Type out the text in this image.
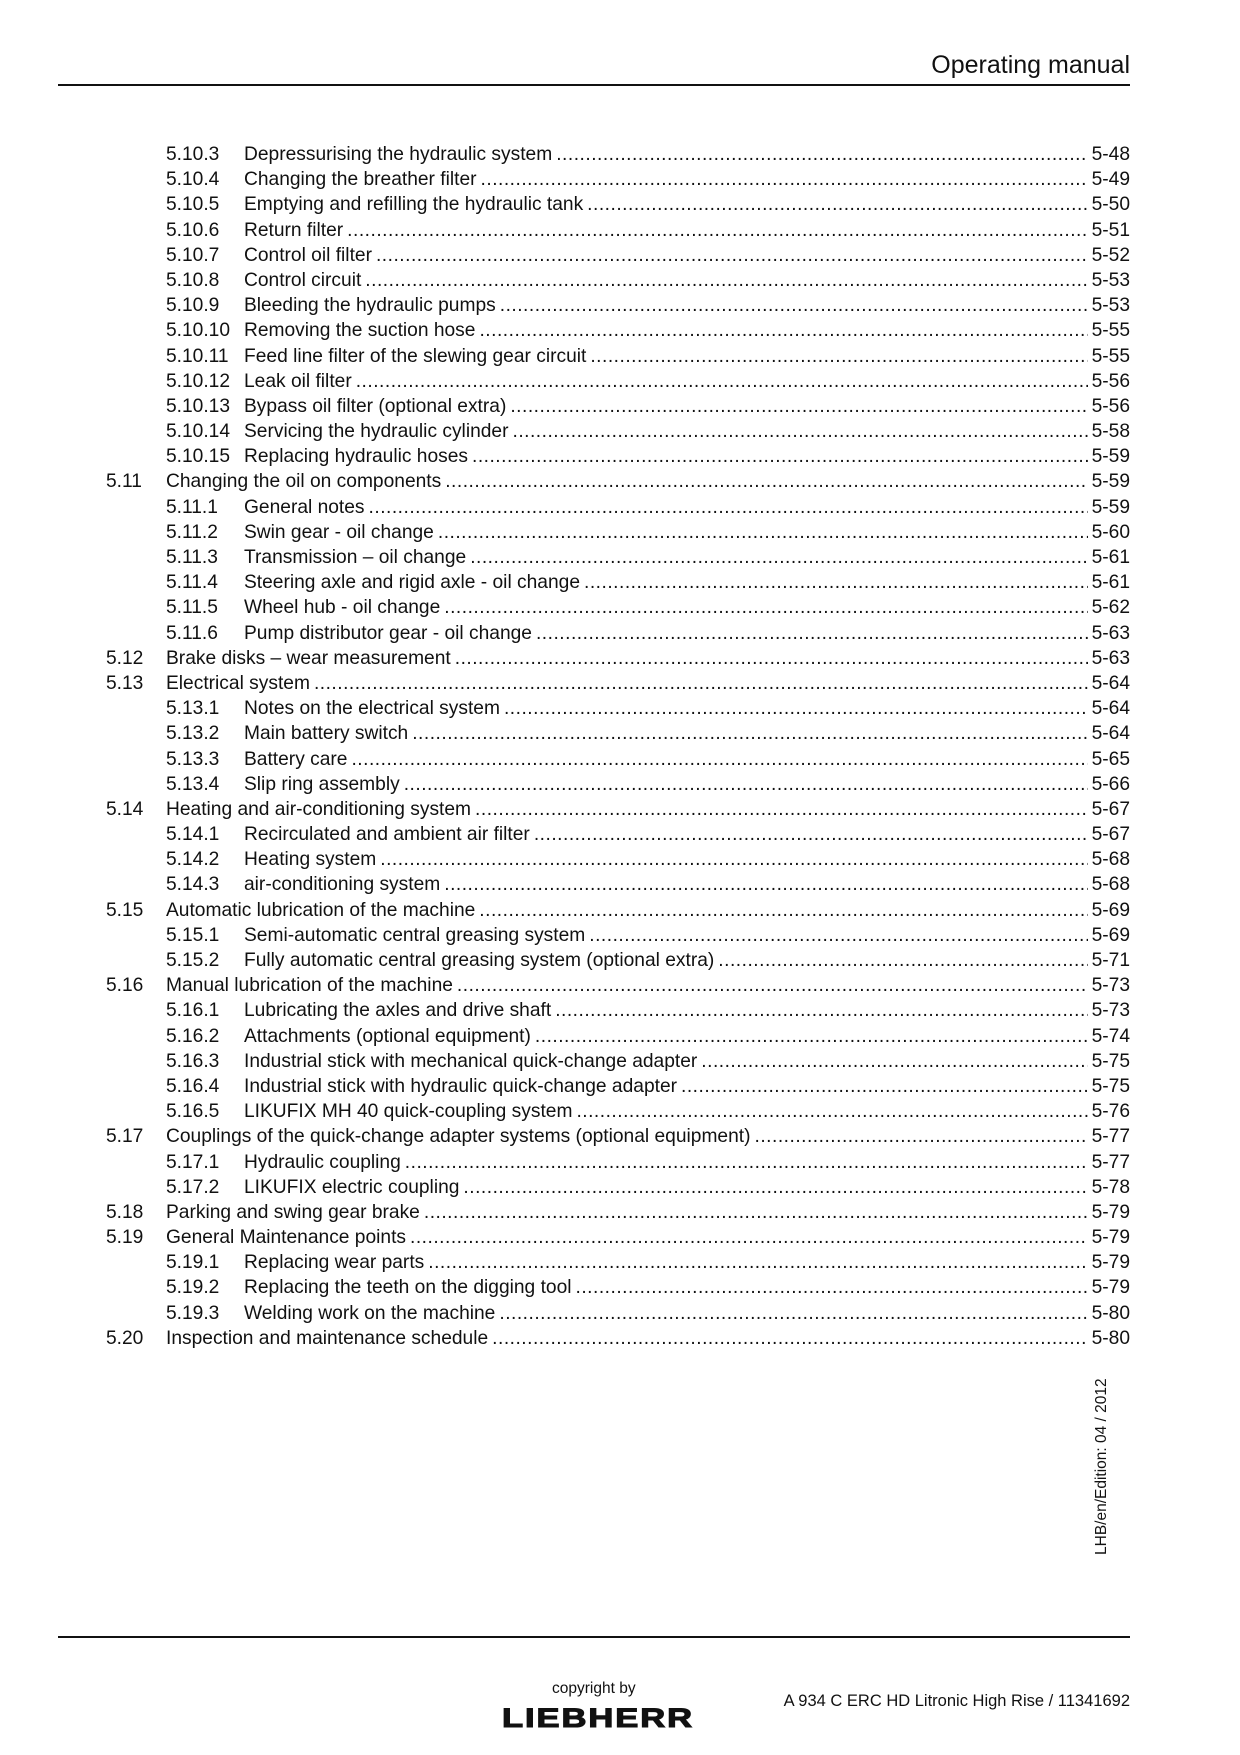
Operating manual
5.10.3 Depressurising the hydraulic system .....	5-48
5.10.4 Changing the breather filter .....	5-49
5.10.5 Emptying and refilling the hydraulic tank .....	5-50
5.10.6 Return filter .....	5-51
5.10.7 Control oil filter .....	5-52
5.10.8 Control circuit .....	5-53
5.10.9 Bleeding the hydraulic pumps .....	5-53
5.10.10 Removing the suction hose .....	5-55
5.10.11 Feed line filter of the slewing gear circuit .....	5-55
5.10.12 Leak oil filter .....	5-56
5.10.13 Bypass oil filter (optional extra) .....	5-56
5.10.14 Servicing the hydraulic cylinder .....	5-58
5.10.15 Replacing hydraulic hoses .....	5-59
5.11 Changing the oil on components .....	5-59
5.11.1 General notes .....	5-59
5.11.2 Swin gear - oil change .....	5-60
5.11.3 Transmission – oil change .....	5-61
5.11.4 Steering axle and rigid axle - oil change .....	5-61
5.11.5 Wheel hub - oil change .....	5-62
5.11.6 Pump distributor gear - oil change .....	5-63
5.12 Brake disks – wear measurement .....	5-63
5.13 Electrical system .....	5-64
5.13.1 Notes on the electrical system .....	5-64
5.13.2 Main battery switch .....	5-64
5.13.3 Battery care .....	5-65
5.13.4 Slip ring assembly .....	5-66
5.14 Heating and air-conditioning system .....	5-67
5.14.1 Recirculated and ambient air filter .....	5-67
5.14.2 Heating system .....	5-68
5.14.3 air-conditioning system .....	5-68
5.15 Automatic lubrication of the machine .....	5-69
5.15.1 Semi-automatic central greasing system .....	5-69
5.15.2 Fully automatic central greasing system (optional extra) .....	5-71
5.16 Manual lubrication of the machine .....	5-73
5.16.1 Lubricating the axles and drive shaft .....	5-73
5.16.2 Attachments (optional equipment) .....	5-74
5.16.3 Industrial stick with mechanical quick-change adapter .....	5-75
5.16.4 Industrial stick with hydraulic quick-change adapter .....	5-75
5.16.5 LIKUFIX MH 40 quick-coupling system .....	5-76
5.17 Couplings of the quick-change adapter systems (optional equipment) .....	5-77
5.17.1 Hydraulic coupling .....	5-77
5.17.2 LIKUFIX electric coupling .....	5-78
5.18 Parking and swing gear brake .....	5-79
5.19 General Maintenance points .....	5-79
5.19.1 Replacing wear parts .....	5-79
5.19.2 Replacing the teeth on the digging tool .....	5-79
5.19.3 Welding work on the machine .....	5-80
5.20 Inspection and maintenance schedule .....	5-80
LHB/en/Edition: 04 / 2012
copyright by
LIEBHERR
A 934 C ERC HD Litronic High Rise / 11341692
